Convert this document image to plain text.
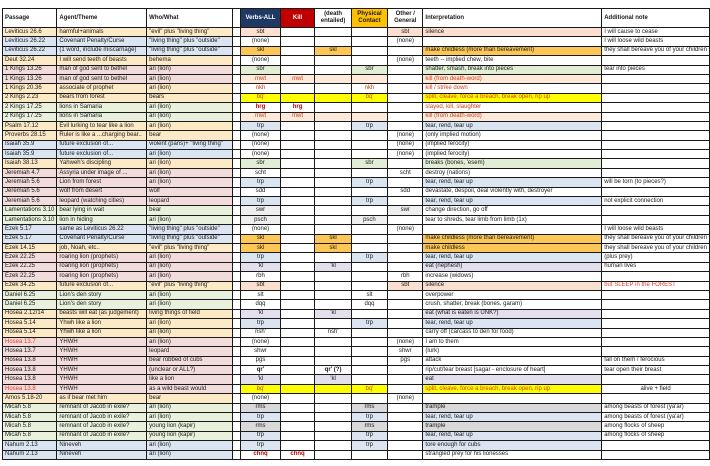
Passage	Agent/Theme	Who/What		Verbs-ALL	Kill	(death entailed)	Physical Contact	Other / General	Interpretation	Additional note
Leviticus 26.6	harmful+animals	"evil" plus "living thing"		sbt				sbt	silence	I will cause to cease
Leviticus 26.22	Covenant Penalty/Curse	"living thing" plus "outside"		(none)				(none)		I will loose wild beasts
Leviticus 26.22	(1 word, include miscarriage)	"living thing" plus "outside"		skl		skl			make childless (more than bereavement)	they shall bereave you of your children
Deut 32.24	I will send teeth of beasts	behema		(none)				(none)	teeth -- implied chew, bite	
1 Kings 13.26	man of god sent to bethel	ari (lion)		sbr			sbr		shatter, smash, break into pieces	tear into pieces
1 Kings 13.26	man of god sent to bethel	ari (lion)		mwt	mwt				kill (from death-word)	
1 Kings 20.36	associate of prophet	ari (lion)		nkh			nkh		kill / strike down	
2 Kings 2.23	bears from forest	bears		bq'			bq'		split, cleave, force a breach, break open, rip up	
2 Kings 17.25	lions in Samaria	ari (lion)		hrg	hrg				slayed, kill, slaughter	
2 Kings 17.25	lions in Samaria	ari (lion)		mwt	mwt				kill (from death-word)	
Psalm 17.12	Evil lurking to tear like a lion	ari (lion)		trp			trp		tear, rend, tear up	
Proverbs 28.15	Ruler is like a ...charging bear..	bear		(none)				(none)	(only implied motion)	
Isaiah 35.9	future exclusion of...	violent (paris)+ "living thing"		(none)				(none)	(implied ferocity)	
Isaiah 35.9	future exclusion of...	ari (lion)		(none)				(none)	(implied ferocity)	
Isaiah 38.13	Yahweh's discipling	ari (lion)		sbr			sbr		breaks (bones, 'esem)	
Jeremiah 4.7	Assyria under image of ...	ari (lion)		scht				scht	destroy (nations)	
Jeremiah 5.6	Lion from forest	ari (lion)		trp			trp		tear, rend, tear up	will be torn (to pieces?)
Jeremiah 5.6	wolf from desert	wolf		sdd				sdd	devastate, despoil, deal violently with, destroyer	
Jeremiah 5.6	leopard (watching cities)	leopard		trp			trp		tear, rend, tear up	not explicit connection
Lamentations 3.10	bear lying in wait	bear		swr				swr	change direction, go off	
Lamentations 3.10	lion in hiding	ari (lion)		psch			psch		tear to shreds, tear limb from limb (1x)	
Ezek 5.17	same as Leviticus 26.22	"living thing" plus "outside"		(none)				(none)		I will loose wild beasts
Ezek 5.17	Covenant Penalty/Curse	"living thing" plus "outside"		skl		skl			make childless (more than bereavement)	they shall bereave you of your children
Ezek 14.15	job, Noah, etc..	"evil" plus "living thing"		skl		skl			make childless	they shall bereave you of your children
Ezek 22.25	roaring lion (prophets)	ari (lion)		trp			trp		tear, rend, tear up	(plus prey)
Ezek 22.25	roaring lion (prophets)	ari (lion)		'kl		'kl			eat (nephesh)	human lives
Ezek 22.25	roaring lion (prophets)	ari (lion)		rbh				rbh	increase (widows)	
Ezek 34.25	future exclusion of...	"evil" plus "living thing"		sbt				sbt	silence	but SLEEP in the FOREST
Daniel 6.25	Lion's den story	ari (lion)		slt			slt		overpower	
Daniel 6.25	Lion's den story	ari (lion)		dqq			dqq		crush, shatter, break (bones, garam)	
Hosea 2.12/14	beasts will eat (as judgement)	living things of field		'kl		'kl			eat (what is eaten is UNK?)	
Hosea 5.14	Yhwh like a lion	ari (lion)		trp			trp		tear, rend, tear up	
Hosea 5.14	Yhwh like a lion	ari (lion)		nsh'		nsh'			carry off (carcass to den for food)	
Hosea 13.7	YHWH	ari (lion)		(none)				(none)	I am to them	
Hosea 13.7	YHWH	leopard		shwr				shwr	(lurk)	
Hosea 13.8	YHWH	bear robbed of cubs		pgs				pgs	attack	fall on them / ferocious
Hosea 13.8	YHWH	(unclear or ALL?)		qr'		qr' (?)			rip/cut/tear breast [sagar - enclosure of heart]	tear open their breast
Hosea 13.8	YHWH	like a lion		'kl		'kl			eat	
Hosea 13.8	YHWH	as a wild beast would		bq'			bq'		split, cleave, force a breach, break open, rip up	alive + field
Amos 5.18-20	as if bear met him	bear		(none)				(none)		
Micah 5.8	remnant of Jacob in exile?	ari (lion)		rms			rms		trample	among beasts of forest (ya'ar)
Micah 5.8	remnant of Jacob in exile?	ari (lion)		trp			trp		tear, rend, tear up	among beasts of forest (ya'ar)
Micah 5.8	remnant of Jacob in exile?	young lion (kapir)		rms			rms		trample	among flocks of sheep
Micah 5.8	remnant of Jacob in exile?	young lion (kapir)		trp			trp		tear, rend, tear up	among flocks of sheep
Nahum 2.13	Nineveh	ari (lion)		trp			trp		tore enough for cubs	
Nahum 2.13	Nineveh	ari (lion)		chnq	chnq				strangled prey for his lionesses	
